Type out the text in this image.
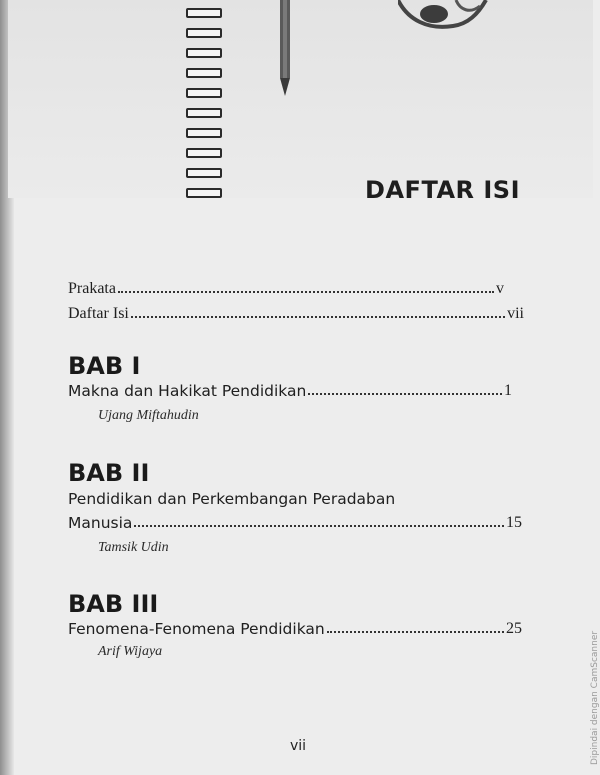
DAFTAR ISI
Prakata	v
Daftar Isi	vii
BAB I
Makna dan Hakikat Pendidikan	1
Ujang Miftahudin
BAB II
Pendidikan dan Perkembangan Peradaban
Manusia	15
Tamsik Udin
BAB III
Fenomena-Fenomena Pendidikan	25
Arif Wijaya
vii	Dipindai dengan CamScanner
